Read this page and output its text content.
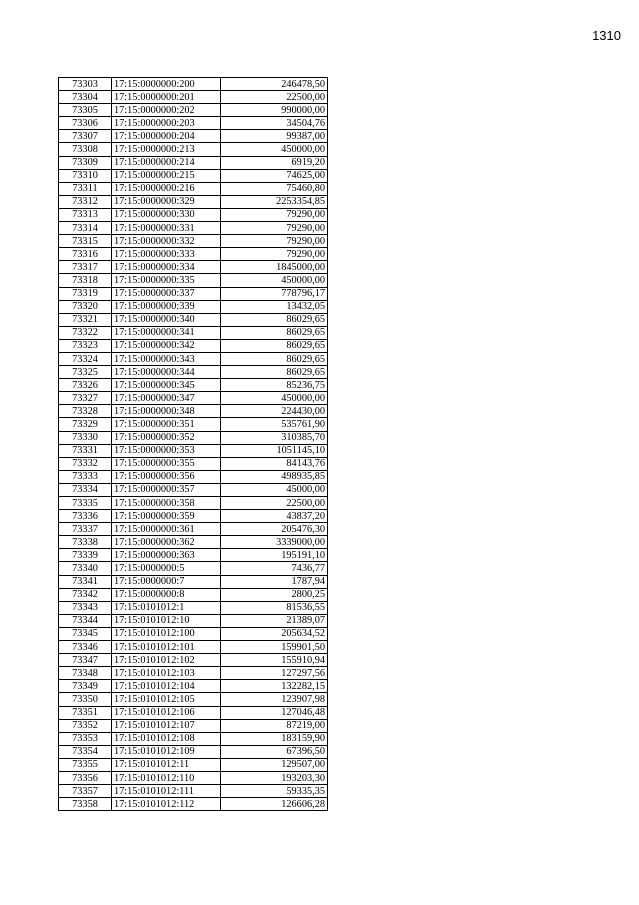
1310
73303	17:15:0000000:200	246478,50
73304	17:15:0000000:201	22500,00
73305	17:15:0000000:202	990000,00
73306	17:15:0000000:203	34504,76
73307	17:15:0000000:204	99387,00
73308	17:15:0000000:213	450000,00
73309	17:15:0000000:214	6919,20
73310	17:15:0000000:215	74625,00
73311	17:15:0000000:216	75460,80
73312	17:15:0000000:329	2253354,85
73313	17:15:0000000:330	79290,00
73314	17:15:0000000:331	79290,00
73315	17:15:0000000:332	79290,00
73316	17:15:0000000:333	79290,00
73317	17:15:0000000:334	1845000,00
73318	17:15:0000000:335	450000,00
73319	17:15:0000000:337	778796,17
73320	17:15:0000000:339	13432,05
73321	17:15:0000000:340	86029,65
73322	17:15:0000000:341	86029,65
73323	17:15:0000000:342	86029,65
73324	17:15:0000000:343	86029,65
73325	17:15:0000000:344	86029,65
73326	17:15:0000000:345	85236,75
73327	17:15:0000000:347	450000,00
73328	17:15:0000000:348	224430,00
73329	17:15:0000000:351	535761,90
73330	17:15:0000000:352	310385,70
73331	17:15:0000000:353	1051145,10
73332	17:15:0000000:355	84143,76
73333	17:15:0000000:356	498935,85
73334	17:15:0000000:357	45000,00
73335	17:15:0000000:358	22500,00
73336	17:15:0000000:359	43837,20
73337	17:15:0000000:361	205476,30
73338	17:15:0000000:362	3339000,00
73339	17:15:0000000:363	195191,10
73340	17:15:0000000:5	7436,77
73341	17:15:0000000:7	1787,94
73342	17:15:0000000:8	2800,25
73343	17:15:0101012:1	81536,55
73344	17:15:0101012:10	21389,07
73345	17:15:0101012:100	205634,52
73346	17:15:0101012:101	159901,50
73347	17:15:0101012:102	155910,94
73348	17:15:0101012:103	127297,56
73349	17:15:0101012:104	132282,15
73350	17:15:0101012:105	123907,98
73351	17:15:0101012:106	127046,48
73352	17:15:0101012:107	87219,00
73353	17:15:0101012:108	183159,90
73354	17:15:0101012:109	67396,50
73355	17:15:0101012:11	129507,00
73356	17:15:0101012:110	193203,30
73357	17:15:0101012:111	59335,35
73358	17:15:0101012:112	126606,28
